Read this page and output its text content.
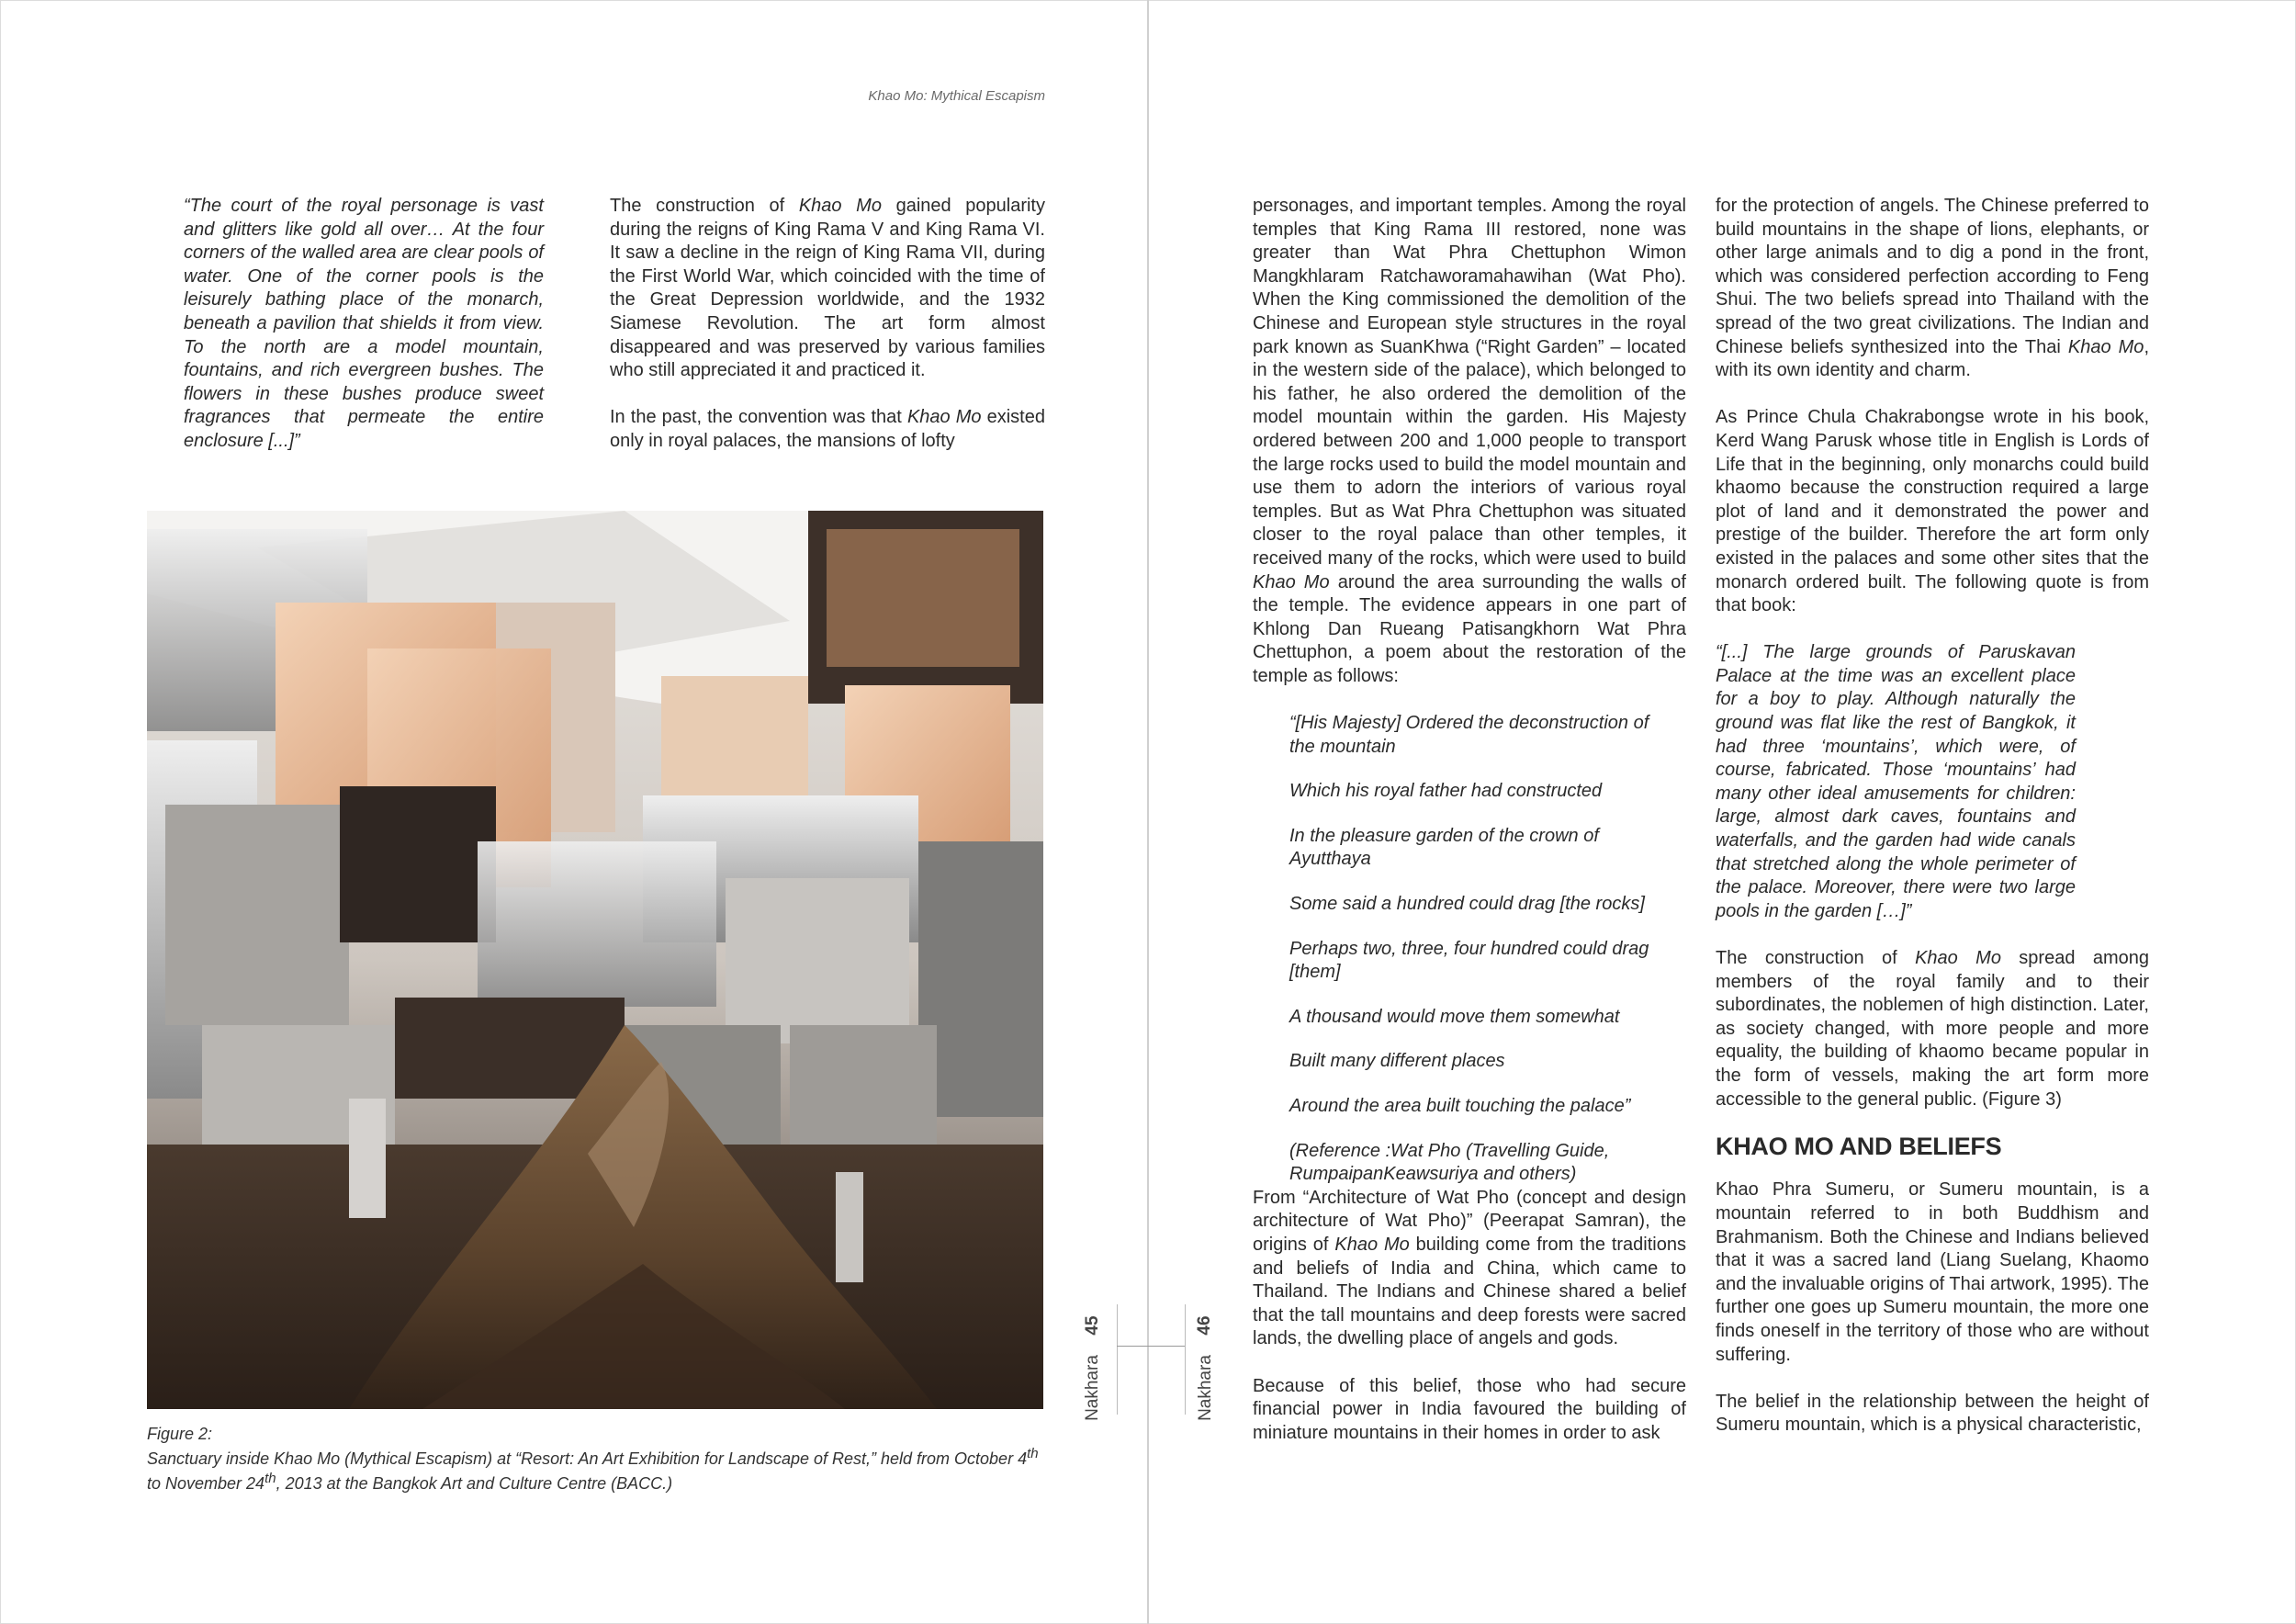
Khao Mo: Mythical Escapism

“The court of the royal personage is vast and glitters like gold all over… At the four corners of the walled area are clear pools of water. One of the corner pools is the leisurely bathing place of the monarch, beneath a pavilion that shields it from view. To the north are a model mountain, fountains, and rich evergreen bushes. The flowers in these bushes produce sweet fragrances that permeate the entire enclosure [...]”

The construction of Khao Mo gained popularity during the reigns of King Rama V and King Rama VI. It saw a decline in the reign of King Rama VII, during the First World War, which coincided with the time of the Great Depression worldwide, and the 1932 Siamese Revolution. The art form almost disappeared and was preserved by various families who still appreciated it and practiced it.

In the past, the convention was that Khao Mo existed only in royal palaces, the mansions of lofty

Figure 2:
Sanctuary inside Khao Mo (Mythical Escapism) at “Resort: An Art Exhibition for Landscape of Rest,” held from October 4th to November 24th, 2013 at the Bangkok Art and Culture Centre (BACC.)
45
Nakhara
46
Nakhara

personages, and important temples. Among the royal temples that King Rama III restored, none was greater than Wat Phra Chettuphon Wimon Mangkhlaram Ratchaworamahawihan (Wat Pho). When the King commissioned the demolition of the Chinese and European style structures in the royal park known as SuanKhwa (“Right Garden” – located in the western side of the palace), which belonged to his father, he also ordered the demolition of the model mountain within the garden. His Majesty ordered between 200 and 1,000 people to transport the large rocks used to build the model mountain and use them to adorn the interiors of various royal temples. But as Wat Phra Chettuphon was situated closer to the royal palace than other temples, it received many of the rocks, which were used to build Khao Mo around the area surrounding the walls of the temple. The evidence appears in one part of Khlong Dan Rueang Patisangkhorn Wat Phra Chettuphon, a poem about the restoration of the temple as follows:

“[His Majesty] Ordered the deconstruction of the mountain

Which his royal father had constructed

In the pleasure garden of the crown of Ayutthaya

Some said a hundred could drag [the rocks]

Perhaps two, three, four hundred could drag [them]

A thousand would move them somewhat

Built many different places

Around the area built touching the palace”

(Reference :Wat Pho (Travelling Guide, RumpaipanKeawsuriya and others)

From “Architecture of Wat Pho (concept and design architecture of Wat Pho)” (Peerapat Samran), the origins of Khao Mo building come from the traditions and beliefs of India and China, which came to Thailand. The Indians and Chinese shared a belief that the tall mountains and deep forests were sacred lands, the dwelling place of angels and gods.

Because of this belief, those who had secure financial power in India favoured the building of miniature mountains in their homes in order to ask

for the protection of angels. The Chinese preferred to build mountains in the shape of lions, elephants, or other large animals and to dig a pond in the front, which was considered perfection according to Feng Shui. The two beliefs spread into Thailand with the spread of the two great civilizations. The Indian and Chinese beliefs synthesized into the Thai Khao Mo, with its own identity and charm.

As Prince Chula Chakrabongse wrote in his book, Kerd Wang Parusk whose title in English is Lords of Life that in the beginning, only monarchs could build khaomo because the construction required a large plot of land and it demonstrated the power and prestige of the builder. Therefore the art form only existed in the palaces and some other sites that the monarch ordered built. The following quote is from that book:

“[...] The large grounds of Paruskavan Palace at the time was an excellent place for a boy to play. Although naturally the ground was flat like the rest of Bangkok, it had three ‘mountains’, which were, of course, fabricated. Those ‘mountains’ had many other ideal amusements for children: large, almost dark caves, fountains and waterfalls, and the garden had wide canals that stretched along the whole perimeter of the palace. Moreover, there were two large pools in the garden […]”

The construction of Khao Mo spread among members of the royal family and to their subordinates, the noblemen of high distinction. Later, as society changed, with more people and more equality, the building of khaomo became popular in the form of vessels, making the art form more accessible to the general public. (Figure 3)

KHAO MO AND BELIEFS

Khao Phra Sumeru, or Sumeru mountain, is a mountain referred to in both Buddhism and Brahmanism. Both the Chinese and Indians believed that it was a sacred land (Liang Suelang, Khaomo and the invaluable origins of Thai artwork, 1995). The further one goes up Sumeru mountain, the more one finds oneself in the territory of those who are without suffering.

The belief in the relationship between the height of Sumeru mountain, which is a physical characteristic,
